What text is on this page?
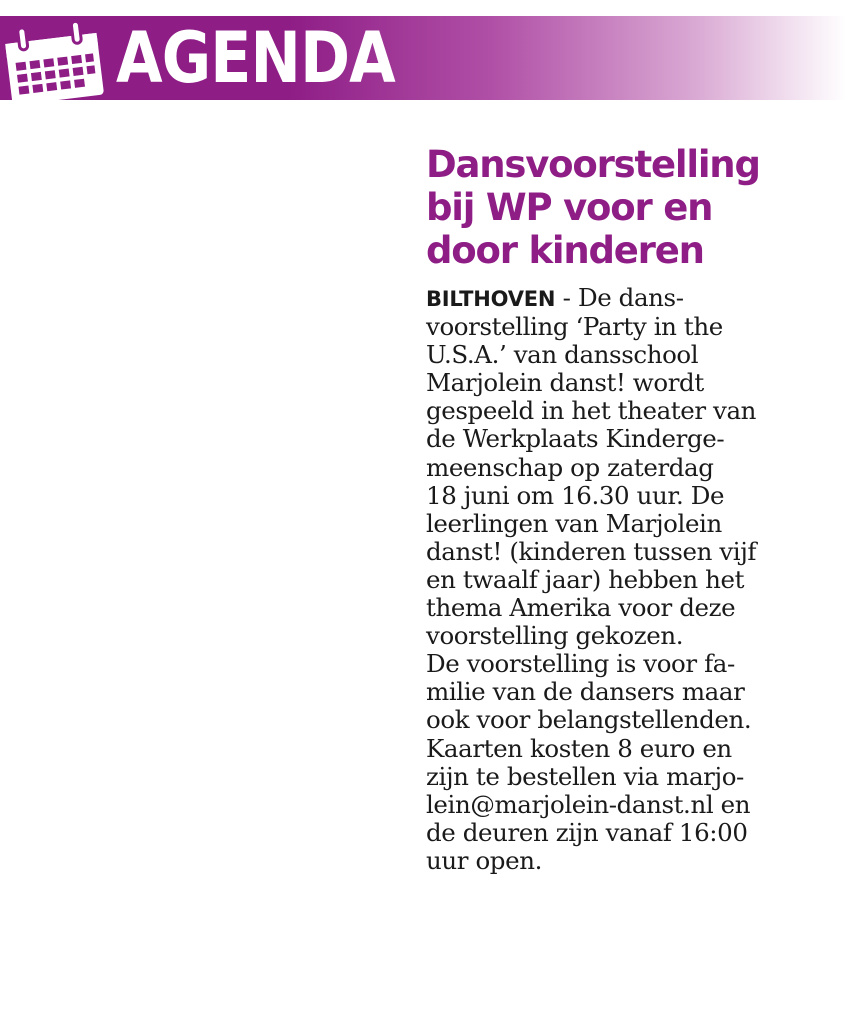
AGENDA
Dansvoorstelling
bij WP voor en
door kinderen
BILTHOVEN - De dans-
voorstelling ‘Party in the
U.S.A.’ van dansschool
Marjolein danst! wordt
gespeeld in het theater van
de Werkplaats Kinderge-
meenschap op zaterdag
18 juni om 16.30 uur. De
leerlingen van Marjolein
danst! (kinderen tussen vijf
en twaalf jaar) hebben het
thema Amerika voor deze
voorstelling gekozen.
De voorstelling is voor fa-
milie van de dansers maar
ook voor belangstellenden.
Kaarten kosten 8 euro en
zijn te bestellen via marjo-
lein@marjolein-danst.nl en
de deuren zijn vanaf 16:00
uur open.
